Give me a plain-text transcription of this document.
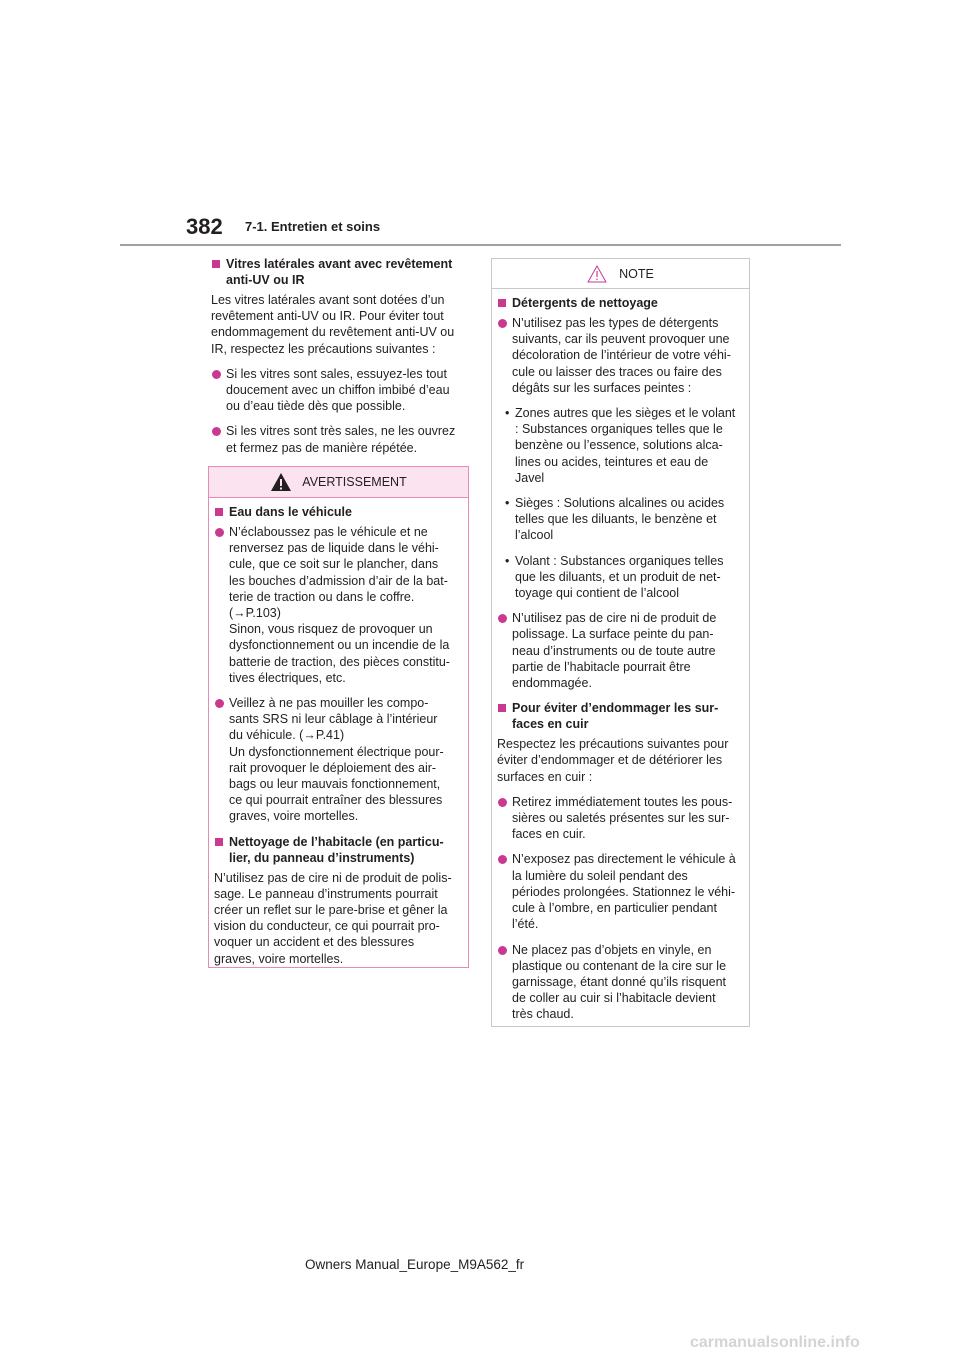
382 7-1. Entretien et soins
Vitres latérales avant avec revêtement
anti-UV ou IR

Les vitres latérales avant sont dotées d’un
revêtement anti-UV ou IR. Pour éviter tout
endommagement du revêtement anti-UV ou
IR, respectez les précautions suivantes :

Si les vitres sont sales, essuyez-les tout
doucement avec un chiffon imbibé d’eau
ou d’eau tiède dès que possible.
Si les vitres sont très sales, ne les ouvrez
et fermez pas de manière répétée.
AVERTISSEMENT
Eau dans le véhicule
N’éclaboussez pas le véhicule et ne
renversez pas de liquide dans le véhi-
cule, que ce soit sur le plancher, dans
les bouches d’admission d’air de la bat-
terie de traction ou dans le coffre.
(→P.103)
Sinon, vous risquez de provoquer un
dysfonctionnement ou un incendie de la
batterie de traction, des pièces constitu-
tives électriques, etc.
Veillez à ne pas mouiller les compo-
sants SRS ni leur câblage à l’intérieur
du véhicule. (→P.41)
Un dysfonctionnement électrique pour-
rait provoquer le déploiement des air-
bags ou leur mauvais fonctionnement,
ce qui pourrait entraîner des blessures
graves, voire mortelles.
Nettoyage de l’habitacle (en particu-
lier, du panneau d’instruments)

N’utilisez pas de cire ni de produit de polis-
sage. Le panneau d’instruments pourrait
créer un reflet sur le pare-brise et gêner la
vision du conducteur, ce qui pourrait pro-
voquer un accident et des blessures
graves, voire mortelles.

NOTE
Détergents de nettoyage
N’utilisez pas les types de détergents
suivants, car ils peuvent provoquer une
décoloration de l’intérieur de votre véhi-
cule ou laisser des traces ou faire des
dégâts sur les surfaces peintes :
• Zones autres que les sièges et le volant
: Substances organiques telles que le
benzène ou l’essence, solutions alca-
lines ou acides, teintures et eau de
Javel
• Sièges : Solutions alcalines ou acides
telles que les diluants, le benzène et
l’alcool
• Volant : Substances organiques telles
que les diluants, et un produit de net-
toyage qui contient de l’alcool
N’utilisez pas de cire ni de produit de
polissage. La surface peinte du pan-
neau d’instruments ou de toute autre
partie de l’habitacle pourrait être
endommagée.
Pour éviter d’endommager les sur-
faces en cuir

Respectez les précautions suivantes pour
éviter d’endommager et de détériorer les
surfaces en cuir :

Retirez immédiatement toutes les pous-
sières ou saletés présentes sur les sur-
faces en cuir.
N’exposez pas directement le véhicule à
la lumière du soleil pendant des
périodes prolongées. Stationnez le véhi-
cule à l’ombre, en particulier pendant
l’été.
Ne placez pas d’objets en vinyle, en
plastique ou contenant de la cire sur le
garnissage, étant donné qu’ils risquent
de coller au cuir si l’habitacle devient
très chaud.
Owners Manual_Europe_M9A562_fr
carmanualsonline.info
